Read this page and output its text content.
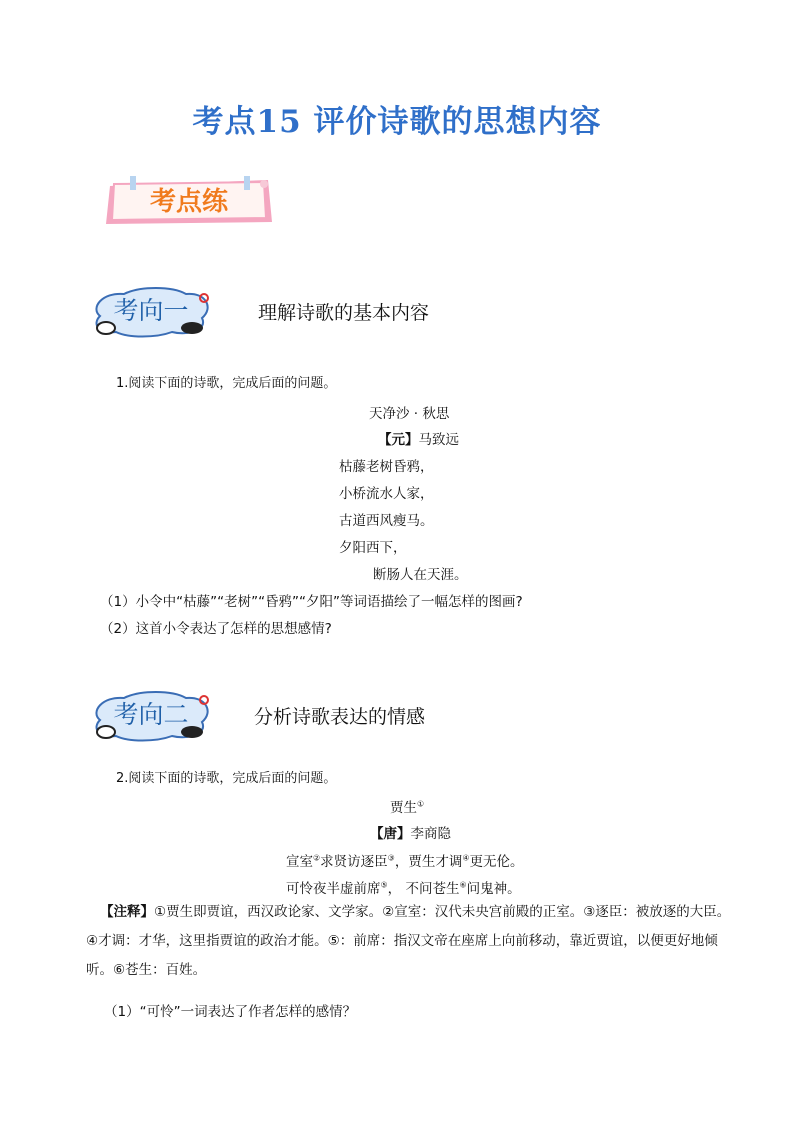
考点15 评价诗歌的思想内容
考点练
考向一	理解诗歌的基本内容
1.阅读下面的诗歌，完成后面的问题。
天净沙 · 秋思
【元】马致远
枯藤老树昏鸦，
小桥流水人家，
古道西风瘦马。
夕阳西下，
断肠人在天涯。
（1）小令中“枯藤”“老树”“昏鸦”“夕阳”等词语描绘了一幅怎样的图画?
（2）这首小令表达了怎样的思想感情?
考向二	分析诗歌表达的情感
2.阅读下面的诗歌，完成后面的问题。
贾生①
【唐】李商隐
宣室②求贤访逐臣③，贾生才调④更无伦。
可怜夜半虚前席⑤， 不问苍生⑥问鬼神。
【注释】①贾生即贾谊，西汉政论家、文学家。②宣室：汉代未央宫前殿的正室。③逐臣：被放逐的大臣。④才调：才华，这里指贾谊的政治才能。⑤：前席：指汉文帝在座席上向前移动，靠近贾谊，以便更好地倾听。⑥苍生：百姓。
（1）“可怜”一词表达了作者怎样的感情？
